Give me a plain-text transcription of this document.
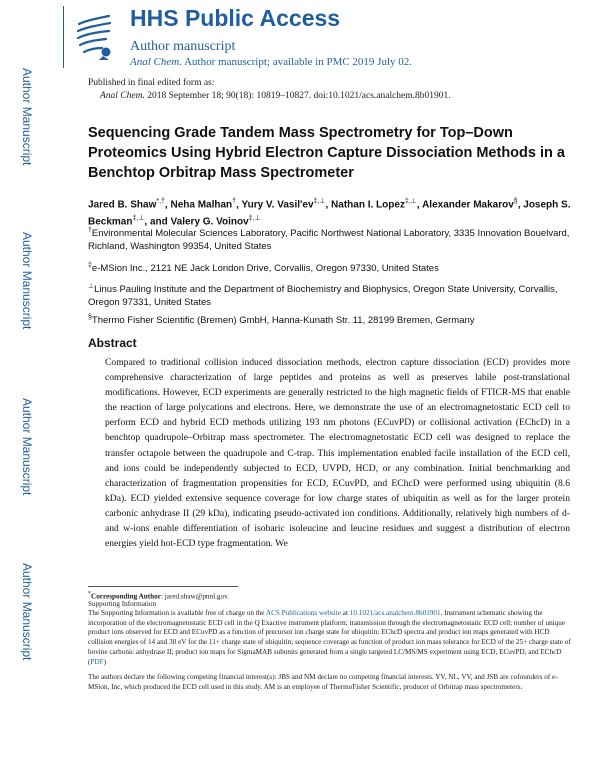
Author Manuscript
Author Manuscript
Author Manuscript
Author Manuscript
HHS Public Access
Author manuscript
Anal Chem. Author manuscript; available in PMC 2019 July 02.
Published in final edited form as:
Anal Chem. 2018 September 18; 90(18): 10819–10827. doi:10.1021/acs.analchem.8b01901.
Sequencing Grade Tandem Mass Spectrometry for Top–Down Proteomics Using Hybrid Electron Capture Dissociation Methods in a Benchtop Orbitrap Mass Spectrometer
Jared B. Shaw*,†, Neha Malhan†, Yury V. Vasil'ev‡,⊥, Nathan I. Lopez‡,⊥, Alexander Makarov§, Joseph S. Beckman‡,⊥, and Valery G. Voinov‡,⊥
†Environmental Molecular Sciences Laboratory, Pacific Northwest National Laboratory, 3335 Innovation Bouelvard, Richland, Washington 99354, United States
‡e-MSion Inc., 2121 NE Jack London Drive, Corvallis, Oregon 97330, United States
⊥Linus Pauling Institute and the Department of Biochemistry and Biophysics, Oregon State University, Corvallis, Oregon 97331, United States
§Thermo Fisher Scientific (Bremen) GmbH, Hanna-Kunath Str. 11, 28199 Bremen, Germany
Abstract
Compared to traditional collision induced dissociation methods, electron capture dissociation (ECD) provides more comprehensive characterization of large peptides and proteins as well as preserves labile post-translational modifications. However, ECD experiments are generally restricted to the high magnetic fields of FTICR-MS that enable the reaction of large polycations and electrons. Here, we demonstrate the use of an electromagnetostatic ECD cell to perform ECD and hybrid ECD methods utilizing 193 nm photons (ECuvPD) or collisional activation (EChcD) in a benchtop quadrupole–Orbitrap mass spectrometer. The electromagnetostatic ECD cell was designed to replace the transfer octapole between the quadrupole and C-trap. This implementation enabled facile installation of the ECD cell, and ions could be independently subjected to ECD, UVPD, HCD, or any combination. Initial benchmarking and characterization of fragmentation propensities for ECD, ECuvPD, and EChcD were performed using ubiquitin (8.6 kDa). ECD yielded extensive sequence coverage for low charge states of ubiquitin as well as for the larger protein carbonic anhydrase II (29 kDa), indicating pseudo-activated ion conditions. Additionally, relatively high numbers of d- and w-ions enable differentiation of isobaric isoleucine and leucine residues and suggest a distribution of electron energies yield hot-ECD type fragmentation. We
*Corresponding Author: jared.shaw@pnnl.gov.
Supporting Information
The Supporting Information is available free of charge on the ACS Publications website at 10.1021/acs.analchem.8b01901. Instrument schematic showing the incorporation of the electromagnetostatic ECD cell in the Q Exactive instrument platform; transmission through the electromagnetostatic ECD cell; number of unique product ions observed for ECD and ECuvPD as a function of precursor ion charge state for ubiquitin; EChcD spectra and product ion maps generated with HCD collision energies of 14 and 30 eV for the 11+ charge state of ubiquitin; sequence coverage as function of product ion mass tolerance for ECD of the 25+ charge state of bovine carbonic anhydrase II; product ion maps for SigmaMAB subunits generated from a single targeted LC/MS/MS experiment using ECD, ECuvPD, and EChcD (PDF)
The authors declare the following competing financial interest(s): JBS and NM declare no competing financial interests. YV, NL, VV, and JSB are cofounders of e-MSion, Inc, which produced the ECD cell used in this study. AM is an employee of ThermoFisher Scientific, producer of Orbitrap mass spectrometers.
